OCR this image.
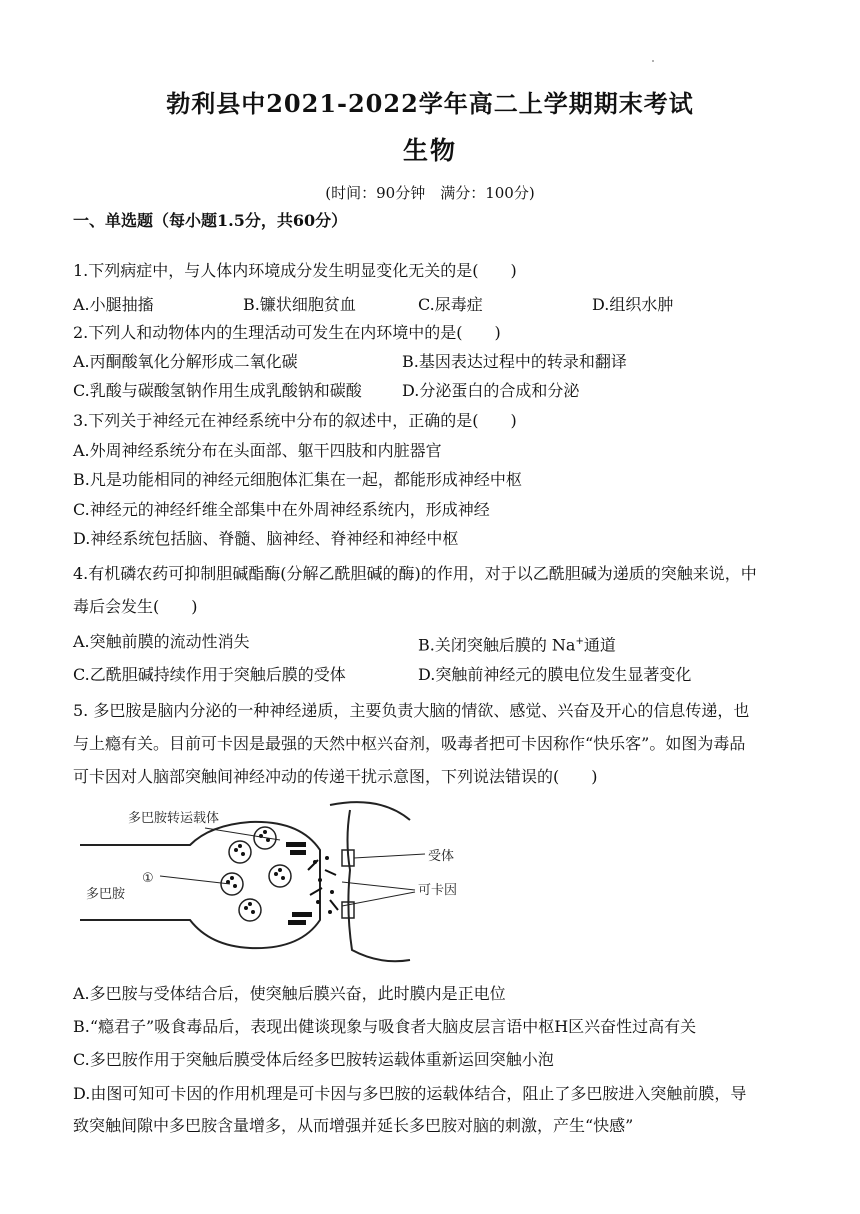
勃利县中2021-2022学年高二上学期期末考试
生物
(时间：90分钟　满分：100分)
一、单选题（每小题1.5分，共60分）
1.下列病症中，与人体内环境成分发生明显变化无关的是(　　)
A.小腿抽搐	B.镰状细胞贫血	C.尿毒症	D.组织水肿
2.下列人和动物体内的生理活动可发生在内环境中的是(　　)
A.丙酮酸氧化分解形成二氧化碳	B.基因表达过程中的转录和翻译
C.乳酸与碳酸氢钠作用生成乳酸钠和碳酸	D.分泌蛋白的合成和分泌
3.下列关于神经元在神经系统中分布的叙述中，正确的是(　　)
A.外周神经系统分布在头面部、躯干四肢和内脏器官
B.凡是功能相同的神经元细胞体汇集在一起，都能形成神经中枢
C.神经元的神经纤维全部集中在外周神经系统内，形成神经
D.神经系统包括脑、脊髓、脑神经、脊神经和神经中枢
4.有机磷农药可抑制胆碱酯酶(分解乙酰胆碱的酶)的作用，对于以乙酰胆碱为递质的突触来说，中
毒后会发生(　　)
A.突触前膜的流动性消失	B.关闭突触后膜的 Na+通道
C.乙酰胆碱持续作用于突触后膜的受体	D.突触前神经元的膜电位发生显著变化
5. 多巴胺是脑内分泌的一种神经递质，主要负责大脑的情欲、感觉、兴奋及开心的信息传递，也
与上瘾有关。目前可卡因是最强的天然中枢兴奋剂，吸毒者把可卡因称作“快乐客”。如图为毒品
可卡因对人脑部突触间神经冲动的传递干扰示意图，下列说法错误的(　　)
多巴胺转运载体
受体
①
多巴胺	可卡因
A.多巴胺与受体结合后，使突触后膜兴奋，此时膜内是正电位
B.“瘾君子”吸食毒品后，表现出健谈现象与吸食者大脑皮层言语中枢H区兴奋性过高有关
C.多巴胺作用于突触后膜受体后经多巴胺转运载体重新运回突触小泡
D.由图可知可卡因的作用机理是可卡因与多巴胺的运载体结合，阻止了多巴胺进入突触前膜，导
致突触间隙中多巴胺含量增多，从而增强并延长多巴胺对脑的刺激，产生“快感”
